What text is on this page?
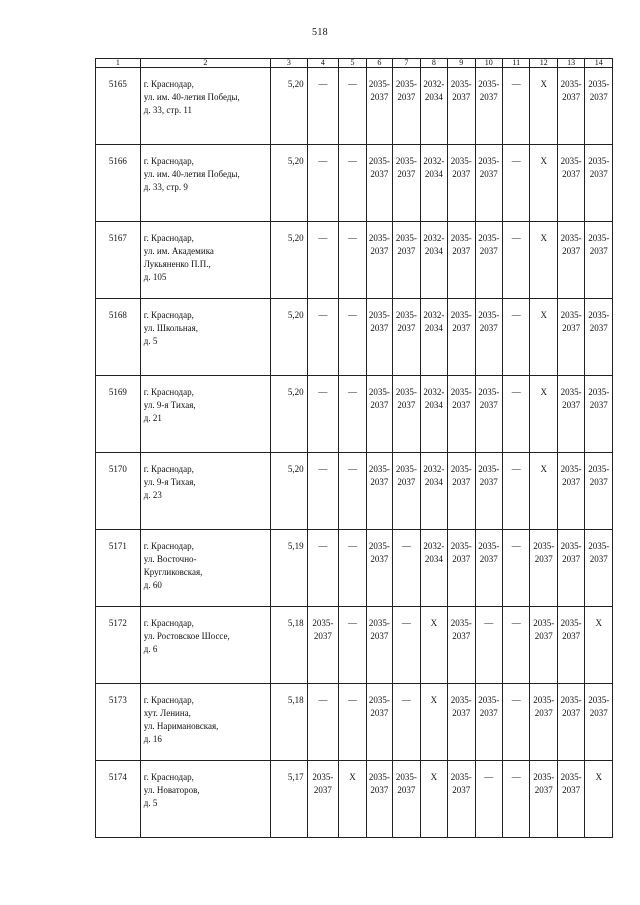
518
1	2	3	4	5	6	7	8	9	10	11	12	13	14
5165	г. Краснодар,
ул. им. 40-летия Победы,
д. 33, стр. 11	5,20	—	—	2035-2037	2035-2037	2032-2034	2035-2037	2035-2037	—	X	2035-2037	2035-2037
5166	г. Краснодар,
ул. им. 40-летия Победы,
д. 33, стр. 9	5,20	—	—	2035-2037	2035-2037	2032-2034	2035-2037	2035-2037	—	X	2035-2037	2035-2037
5167	г. Краснодар,
ул. им. Академика
Лукьяненко П.П.,
д. 105	5,20	—	—	2035-2037	2035-2037	2032-2034	2035-2037	2035-2037	—	X	2035-2037	2035-2037
5168	г. Краснодар,
ул. Школьная,
д. 5	5,20	—	—	2035-2037	2035-2037	2032-2034	2035-2037	2035-2037	—	X	2035-2037	2035-2037
5169	г. Краснодар,
ул. 9-я Тихая,
д. 21	5,20	—	—	2035-2037	2035-2037	2032-2034	2035-2037	2035-2037	—	X	2035-2037	2035-2037
5170	г. Краснодар,
ул. 9-я Тихая,
д. 23	5,20	—	—	2035-2037	2035-2037	2032-2034	2035-2037	2035-2037	—	X	2035-2037	2035-2037
5171	г. Краснодар,
ул. Восточно-
Кругликовская,
д. 60	5,19	—	—	2035-2037	—	2032-2034	2035-2037	2035-2037	—	2035-2037	2035-2037	2035-2037
5172	г. Краснодар,
ул. Ростовское Шоссе,
д. 6	5,18	2035-2037	—	2035-2037	—	X	2035-2037	—	—	2035-2037	2035-2037	X
5173	г. Краснодар,
хут. Ленина,
ул. Наримановская,
д. 16	5,18	—	—	2035-2037	—	X	2035-2037	2035-2037	—	2035-2037	2035-2037	2035-2037
5174	г. Краснодар,
ул. Новаторов,
д. 5	5,17	2035-2037	X	2035-2037	2035-2037	X	2035-2037	—	—	2035-2037	2035-2037	X
